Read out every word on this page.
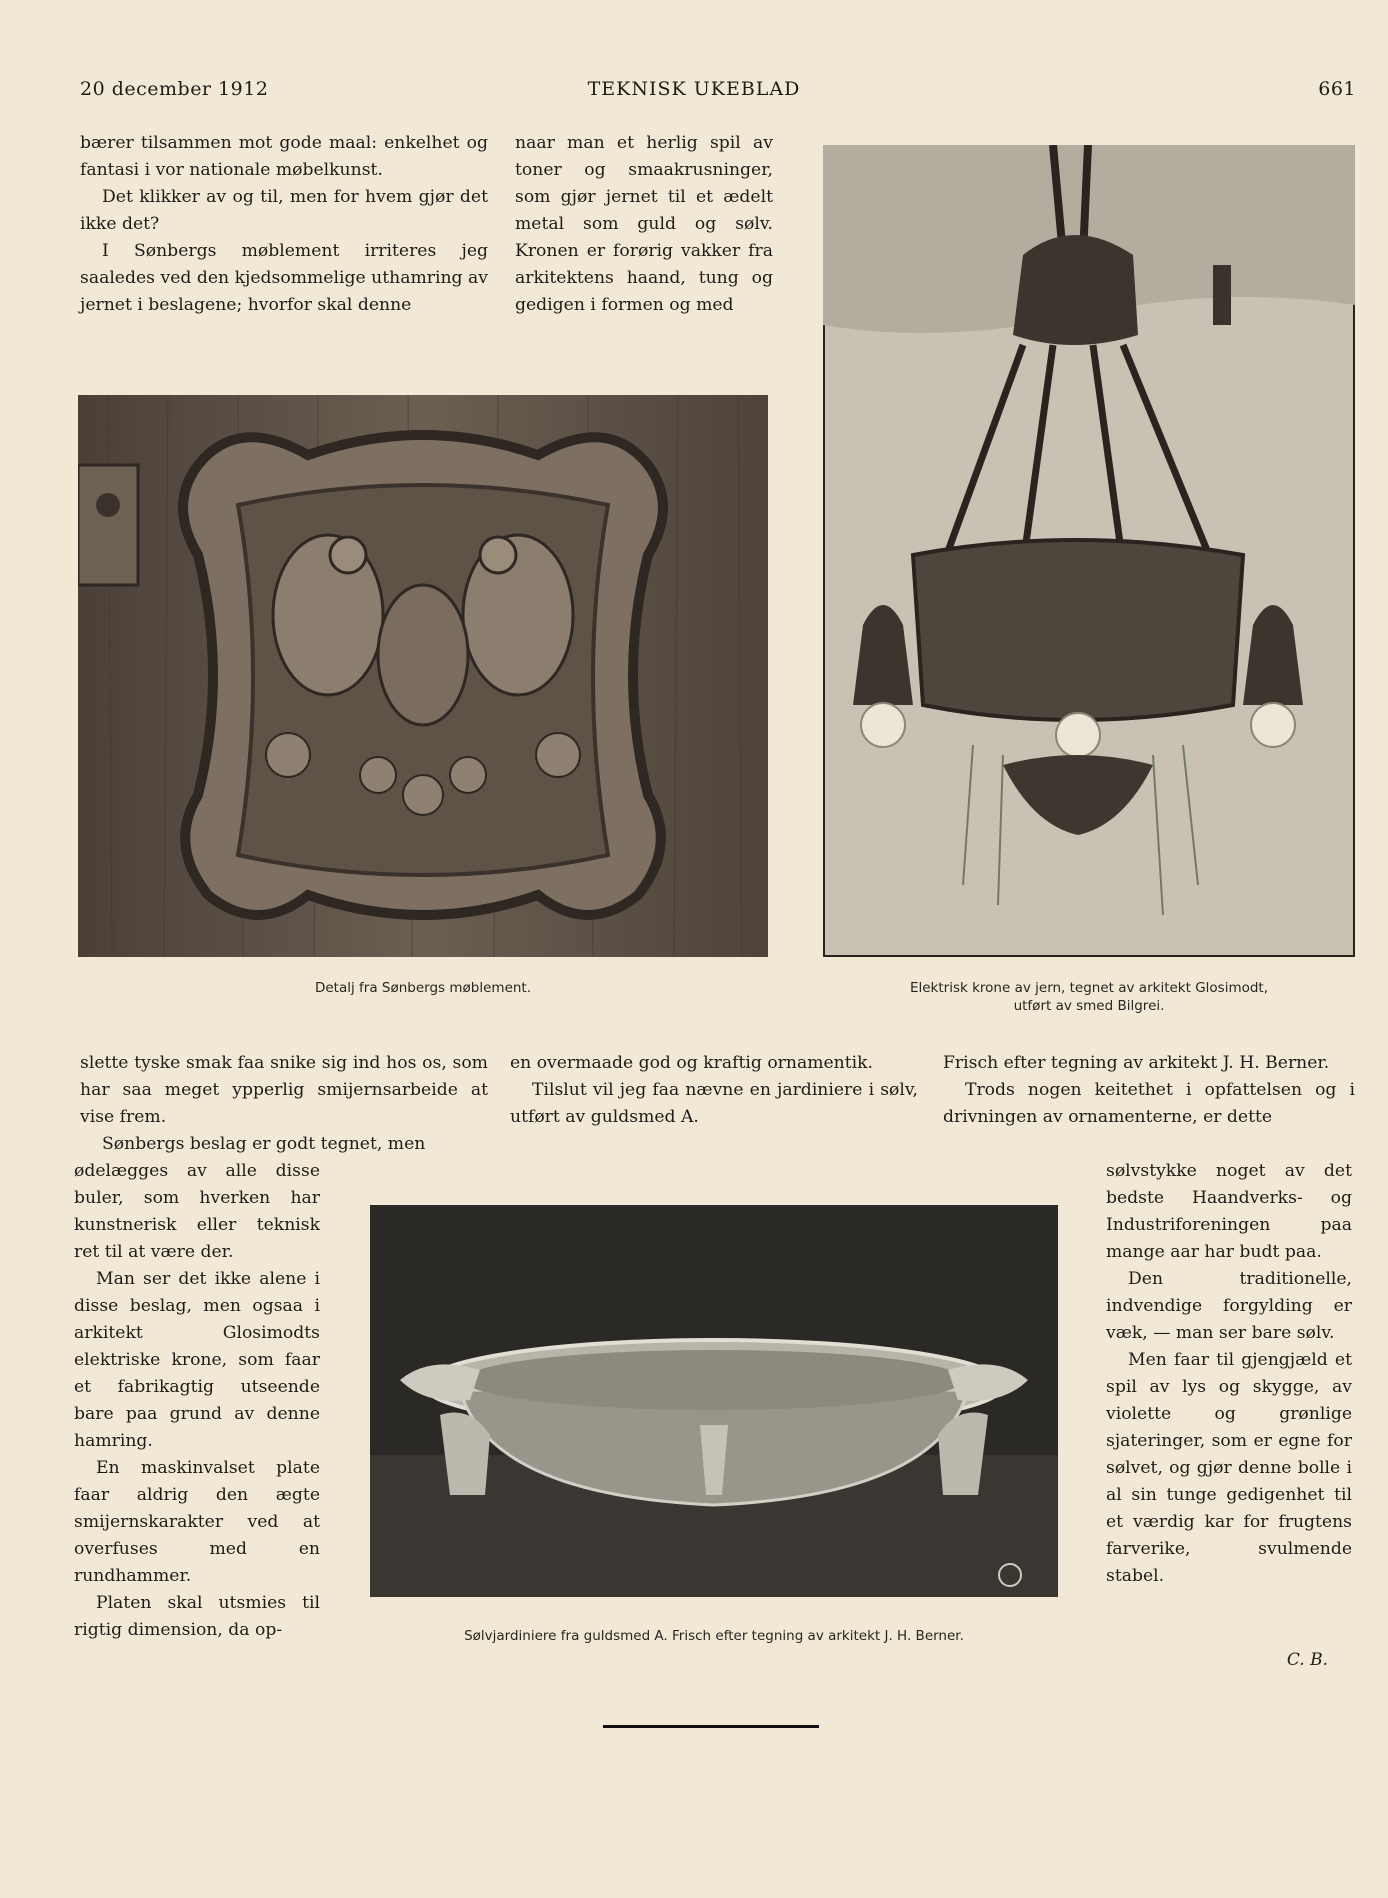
20 december 1912	TEKNISK UKEBLAD	661

bærer tilsammen mot gode maal: enkelhet og fantasi i vor nationale møbelkunst.

Det klikker av og til, men for hvem gjør det ikke det?

I Sønbergs møblement irriteres jeg saaledes ved den kjedsommelige uthamring av jernet i beslagene; hvorfor skal denne

naar man et herlig spil av toner og smaakrusninger, som gjør jernet til et ædelt metal som guld og sølv. Kronen er forørig vakker fra arkitektens haand, tung og gedigen i formen og med

Detalj fra Sønbergs møblement.	Elektrisk krone av jern, tegnet av arkitekt Glosimodt,
utført av smed Bilgrei.

slette tyske smak faa snike sig ind hos os, som har saa meget ypperlig smijernsarbeide at vise frem.

Sønbergs beslag er godt tegnet, men

en overmaade god og kraftig ornamentik.

Tilslut vil jeg faa nævne en jardiniere i sølv, utført av guldsmed A.

Frisch efter tegning av arkitekt J. H. Berner.

Trods nogen keitethet i opfattelsen og i drivningen av ornamenterne, er dette

ødelægges av alle disse buler, som hverken har kunstnerisk eller teknisk ret til at være der.

Man ser det ikke alene i disse beslag, men ogsaa i arkitekt Glosimodts elektriske krone, som faar et fabrikagtig utseende bare paa grund av denne hamring.

En maskinvalset plate faar aldrig den ægte smijernskarakter ved at overfuses med en rundhammer.

Platen skal utsmies til rigtig dimension, da op-

sølvstykke noget av det bedste Haandverks- og Industriforeningen paa mange aar har budt paa.

Den traditionelle, indvendige forgylding er væk, — man ser bare sølv.

Men faar til gjengjæld et spil av lys og skygge, av violette og grønlige sjateringer, som er egne for sølvet, og gjør denne bolle i al sin tunge gedigenhet til et værdig kar for frugtens farverike, svulmende stabel.

Sølvjardiniere fra guldsmed A. Frisch efter tegning av arkitekt J. H. Berner.
C. B.
